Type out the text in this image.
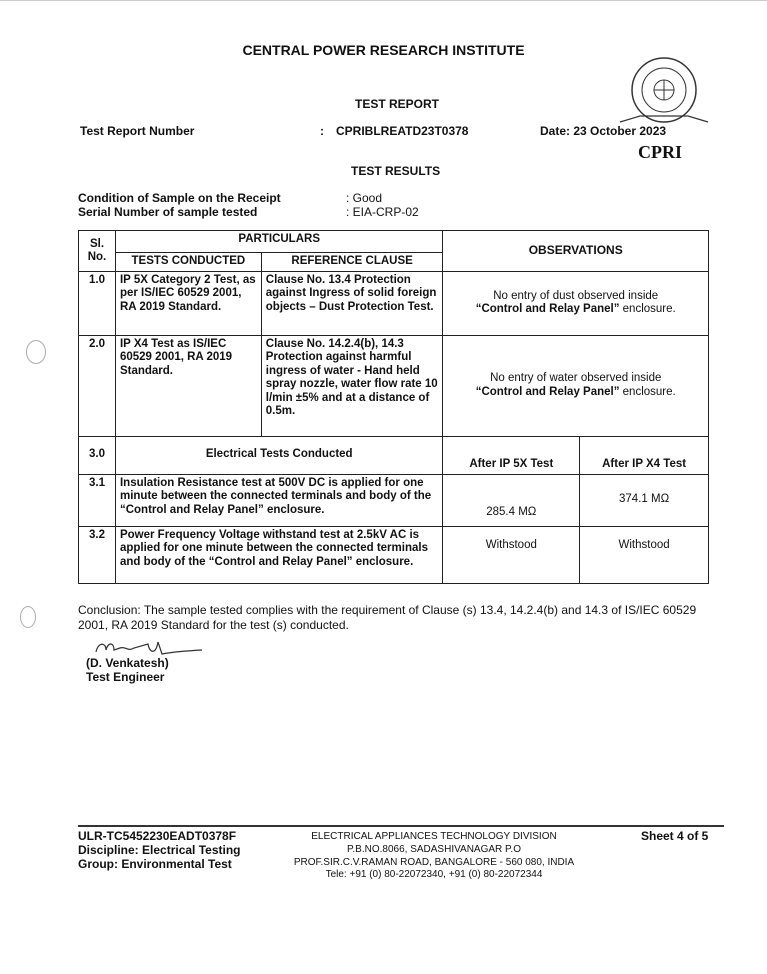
CENTRAL POWER RESEARCH INSTITUTE
TEST REPORT
Test Report Number	: CPRIBLREATD23T0378	Date: 23 October 2023
TEST RESULTS
CPRI
Condition of Sample on the Receipt	: Good
Serial Number of sample tested	: EIA-CRP-02
Sl. No.	PARTICULARS		OBSERVATIONS	
	TESTS CONDUCTED	REFERENCE CLAUSE		
1.0	IP 5X Category 2 Test, as per IS/IEC 60529 2001, RA 2019 Standard.	Clause No. 13.4 Protection against Ingress of solid foreign objects – Dust Protection Test.	No entry of dust observed inside
“Control and Relay Panel” enclosure.	
2.0	IP X4 Test as IS/IEC 60529 2001, RA 2019 Standard.	Clause No. 14.2.4(b), 14.3 Protection against harmful ingress of water - Hand held spray nozzle, water flow rate 10 l/min ±5% and at a distance of 0.5m.	No entry of water observed inside
“Control and Relay Panel” enclosure.	
3.0	Electrical Tests Conducted		After IP 5X Test	After IP X4 Test
3.1	Insulation Resistance test at 500V DC is applied for one minute between the connected terminals and body of the “Control and Relay Panel” enclosure.		285.4 MΩ	374.1 MΩ
3.2	Power Frequency Voltage withstand test at 2.5kV AC is applied for one minute between the connected terminals and body of the “Control and Relay Panel” enclosure.		Withstood	Withstood
Conclusion: The sample tested complies with the requirement of Clause (s) 13.4, 14.2.4(b) and 14.3 of IS/IEC 60529 2001, RA 2019 Standard for the test (s) conducted.
(D. Venkatesh)
Test Engineer
ULR-TC5452230EADT0378F
Discipline: Electrical Testing
Group: Environmental Test
ELECTRICAL APPLIANCES TECHNOLOGY DIVISION
P.B.NO.8066, SADASHIVANAGAR P.O
PROF.SIR.C.V.RAMAN ROAD, BANGALORE - 560 080, INDIA
Tele: +91 (0) 80-22072340, +91 (0) 80-22072344
Sheet 4 of 5
